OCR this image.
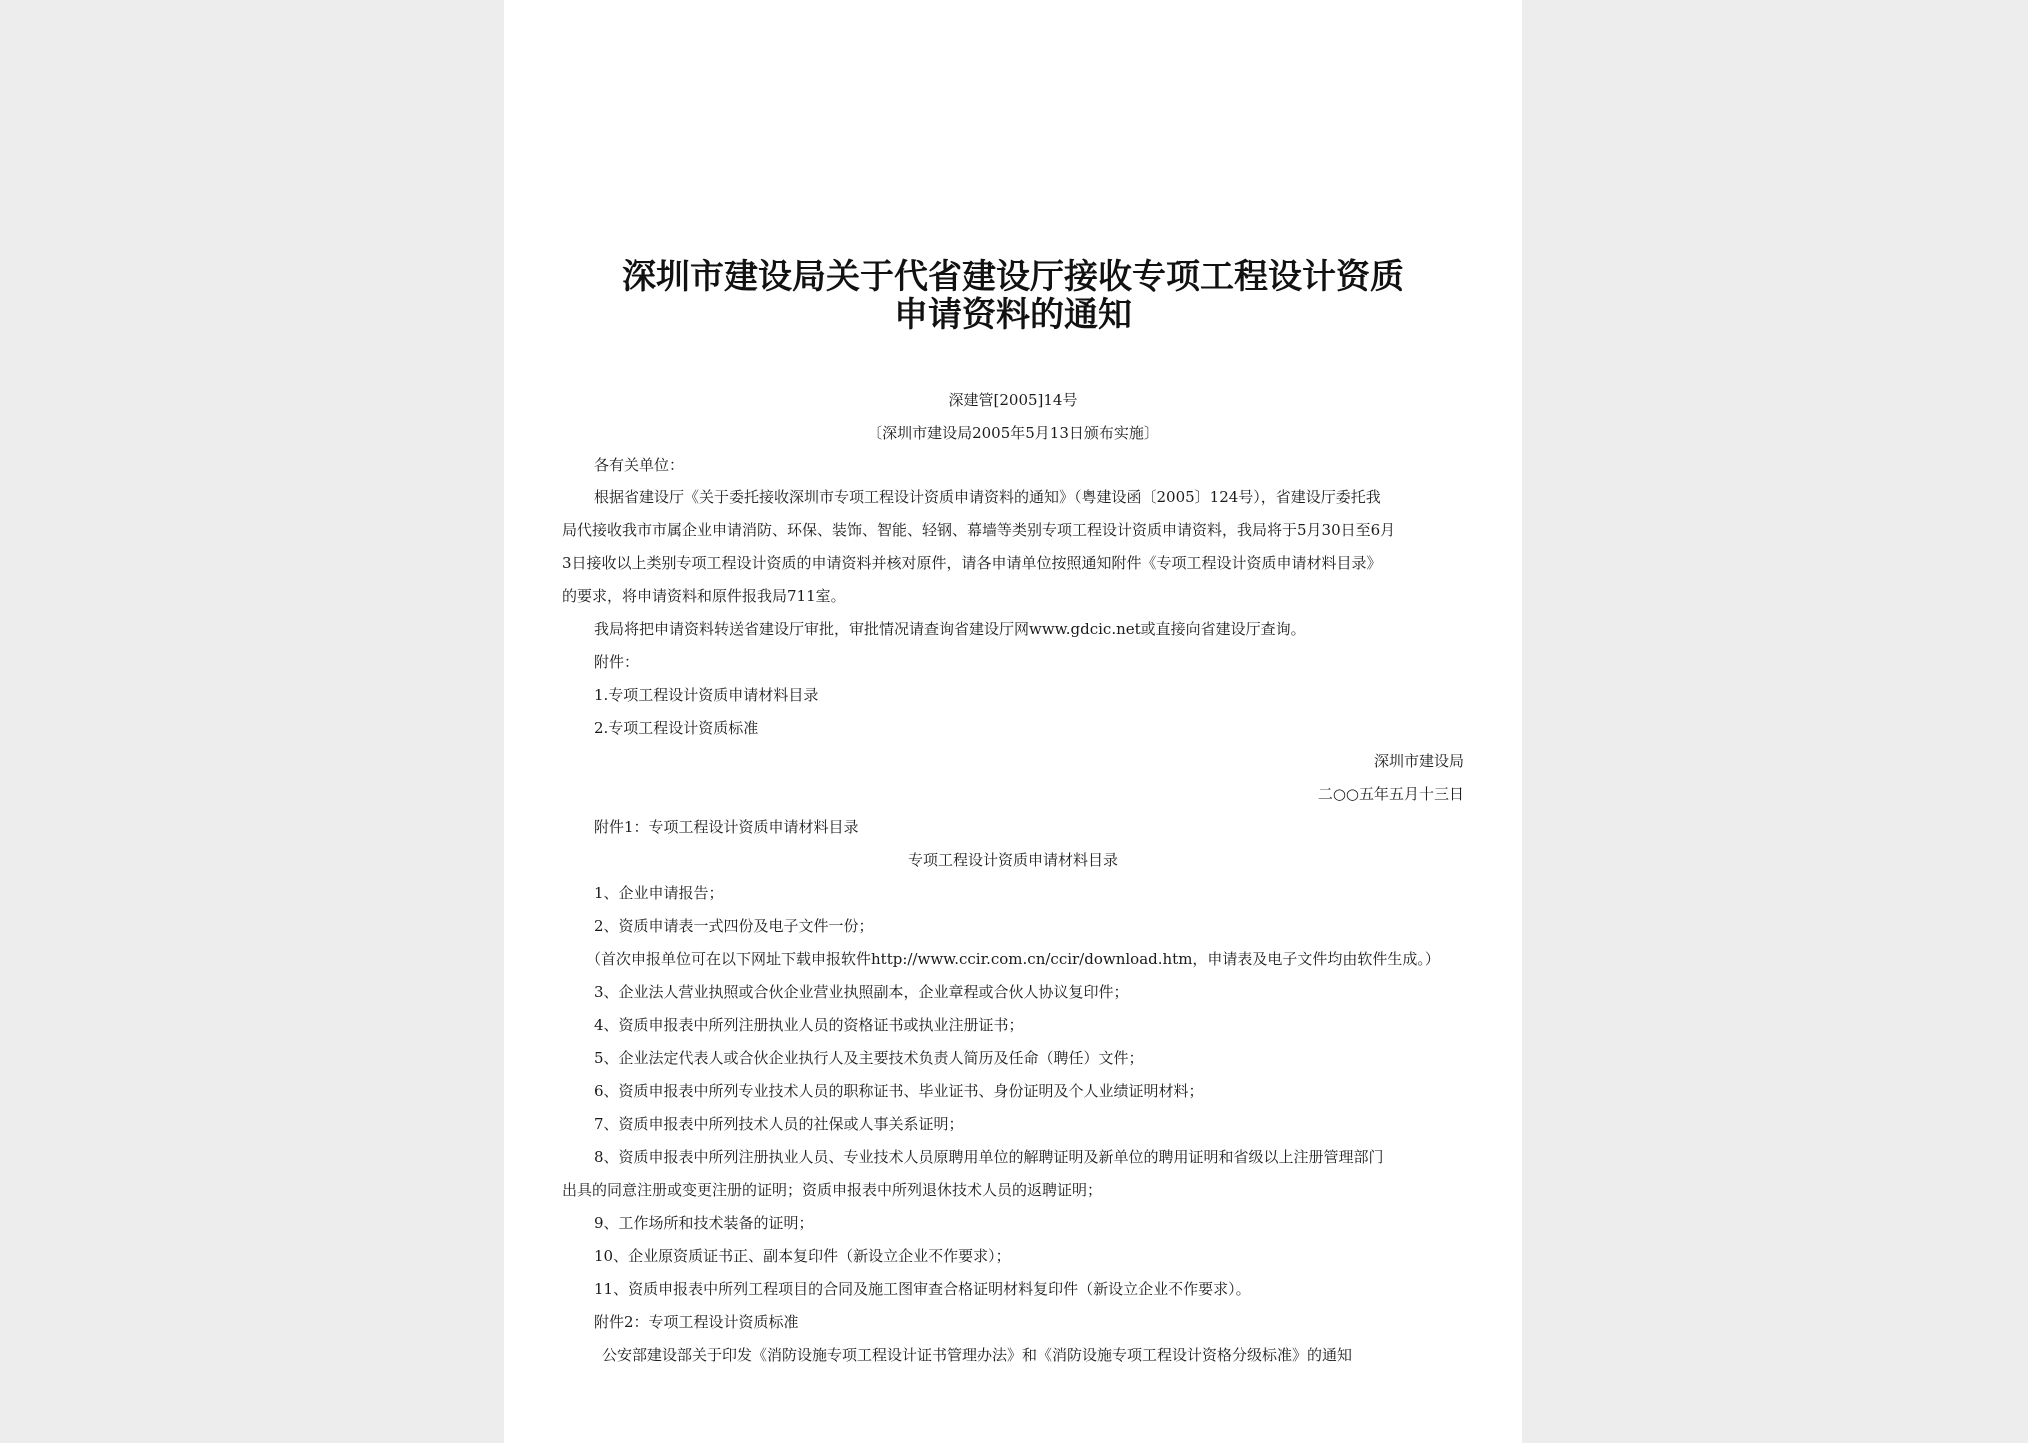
深圳市建设局关于代省建设厅接收专项工程设计资质
申请资料的通知
深建管[2005]14号
〔深圳市建设局2005年5月13日颁布实施〕
各有关单位：
根据省建设厅《关于委托接收深圳市专项工程设计资质申请资料的通知》（粤建设函〔2005〕124号），省建设厅委托我
局代接收我市市属企业申请消防、环保、装饰、智能、轻钢、幕墙等类别专项工程设计资质申请资料，我局将于5月30日至6月
3日接收以上类别专项工程设计资质的申请资料并核对原件，请各申请单位按照通知附件《专项工程设计资质申请材料目录》
的要求，将申请资料和原件报我局711室。
我局将把申请资料转送省建设厅审批，审批情况请查询省建设厅网www.gdcic.net或直接向省建设厅查询。
附件：
1.专项工程设计资质申请材料目录
2.专项工程设计资质标准
深圳市建设局
二○○五年五月十三日
附件1：专项工程设计资质申请材料目录
专项工程设计资质申请材料目录
1、企业申请报告；
2、资质申请表一式四份及电子文件一份；
（首次申报单位可在以下网址下载申报软件http://www.ccir.com.cn/ccir/download.htm，申请表及电子文件均由软件生成。）
3、企业法人营业执照或合伙企业营业执照副本，企业章程或合伙人协议复印件；
4、资质申报表中所列注册执业人员的资格证书或执业注册证书；
5、企业法定代表人或合伙企业执行人及主要技术负责人简历及任命（聘任）文件；
6、资质申报表中所列专业技术人员的职称证书、毕业证书、身份证明及个人业绩证明材料；
7、资质申报表中所列技术人员的社保或人事关系证明；
8、资质申报表中所列注册执业人员、专业技术人员原聘用单位的解聘证明及新单位的聘用证明和省级以上注册管理部门
出具的同意注册或变更注册的证明；资质申报表中所列退休技术人员的返聘证明；
9、工作场所和技术装备的证明；
10、企业原资质证书正、副本复印件（新设立企业不作要求）；
11、资质申报表中所列工程项目的合同及施工图审查合格证明材料复印件（新设立企业不作要求）。
附件2：专项工程设计资质标准
公安部建设部关于印发《消防设施专项工程设计证书管理办法》和《消防设施专项工程设计资格分级标准》的通知
